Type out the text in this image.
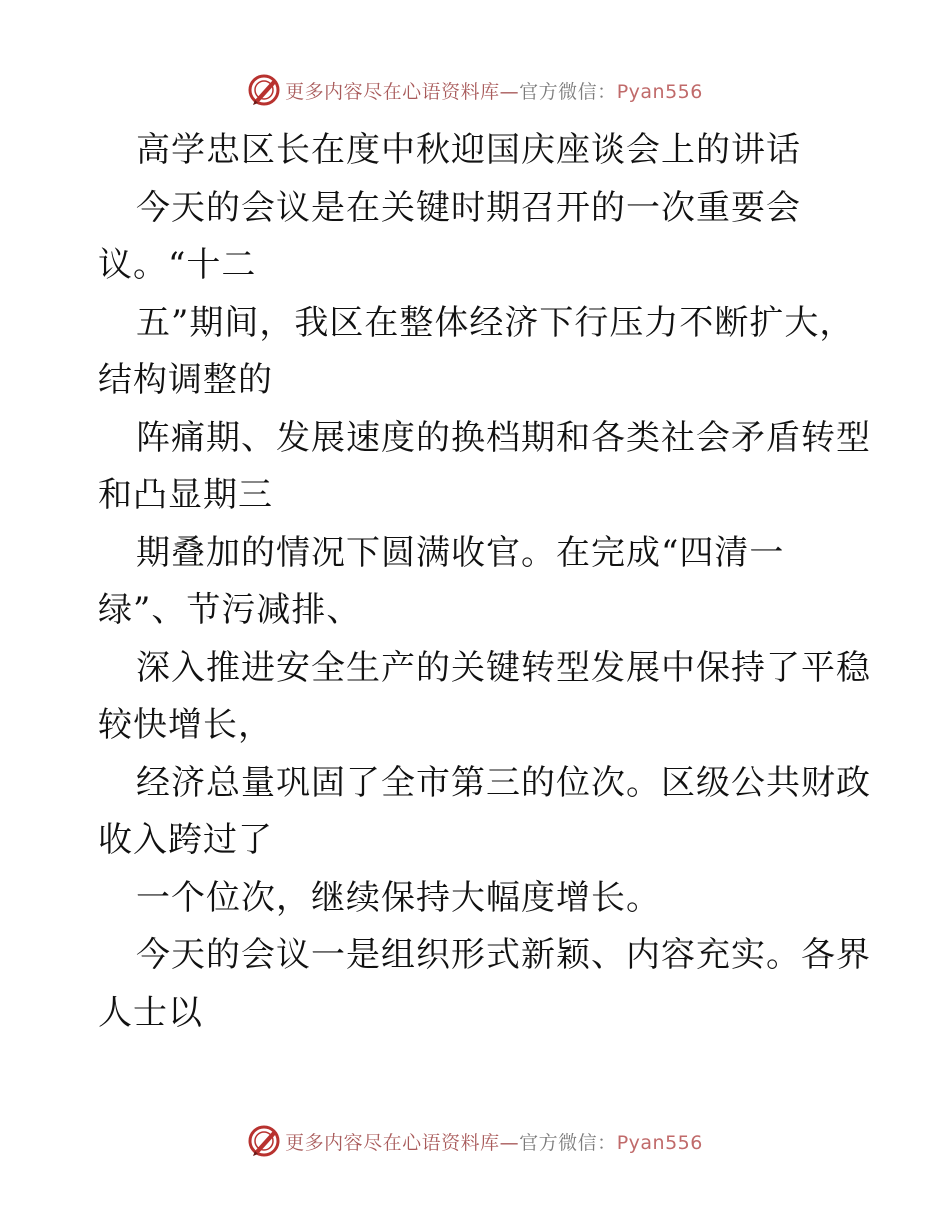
更多内容尽在心语资料库—官方微信：Pyan556
高学忠区长在度中秋迎国庆座谈会上的讲话
今天的会议是在关键时期召开的一次重要会
议。“十二
五”期间，我区在整体经济下行压力不断扩大，
结构调整的
阵痛期、发展速度的换档期和各类社会矛盾转型
和凸显期三
期叠加的情况下圆满收官。在完成“四清一
绿”、节污减排、
深入推进安全生产的关键转型发展中保持了平稳
较快增长，
经济总量巩固了全市第三的位次。区级公共财政
收入跨过了
一个位次，继续保持大幅度增长。
今天的会议一是组织形式新颖、内容充实。各界
人士以
更多内容尽在心语资料库—官方微信：Pyan556
